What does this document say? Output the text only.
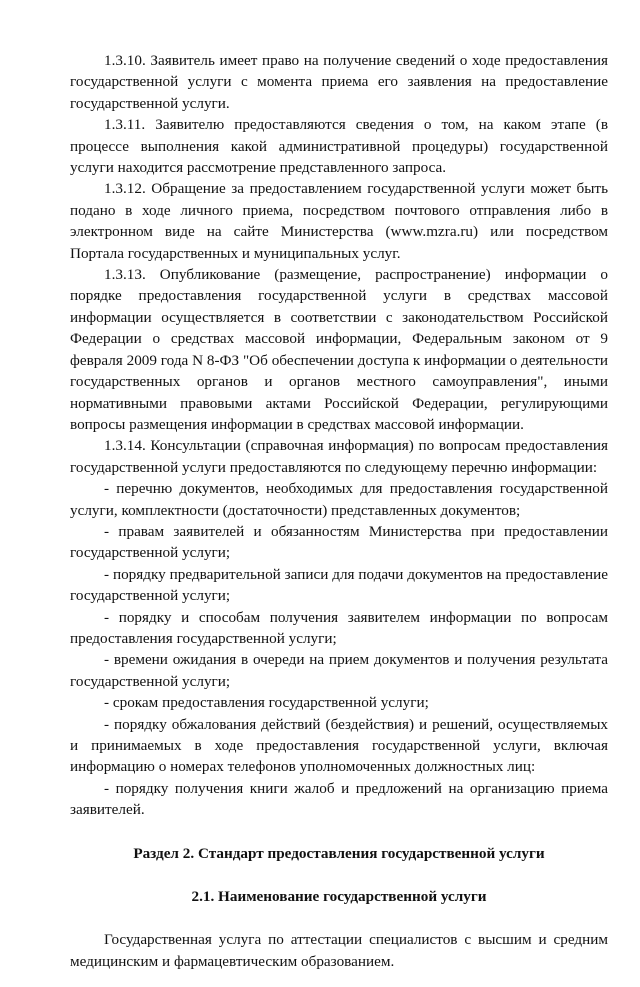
1.3.10. Заявитель имеет право на получение сведений о ходе предоставления государственной услуги с момента приема его заявления на предоставление государственной услуги.

1.3.11. Заявителю предоставляются сведения о том, на каком этапе (в процессе выполнения какой административной процедуры) государственной услуги находится рассмотрение представленного запроса.

1.3.12. Обращение за предоставлением государственной услуги может быть подано в ходе личного приема, посредством почтового отправления либо в электронном виде на сайте Министерства (www.mzra.ru) или посредством Портала государственных и муниципальных услуг.

1.3.13. Опубликование (размещение, распространение) информации о порядке предоставления государственной услуги в средствах массовой информации осуществляется в соответствии с законодательством Российской Федерации о средствах массовой информации, Федеральным законом от 9 февраля 2009 года N 8-ФЗ "Об обеспечении доступа к информации о деятельности государственных органов и органов местного самоуправления", иными нормативными правовыми актами Российской Федерации, регулирующими вопросы размещения информации в средствах массовой информации.

1.3.14. Консультации (справочная информация) по вопросам предоставления государственной услуги предоставляются по следующему перечню информации:

- перечню документов, необходимых для предоставления государственной услуги, комплектности (достаточности) представленных документов;

- правам заявителей и обязанностям Министерства при предоставлении государственной услуги;

- порядку предварительной записи для подачи документов на предоставление государственной услуги;

- порядку и способам получения заявителем информации по вопросам предоставления государственной услуги;

- времени ожидания в очереди на прием документов и получения результата государственной услуги;

- срокам предоставления государственной услуги;

- порядку обжалования действий (бездействия) и решений, осуществляемых и принимаемых в ходе предоставления государственной услуги, включая информацию о номерах телефонов уполномоченных должностных лиц:

- порядку получения книги жалоб и предложений на организацию приема заявителей.

Раздел 2. Стандарт предоставления государственной услуги

2.1. Наименование государственной услуги

Государственная услуга по аттестации специалистов с высшим и средним медицинским и фармацевтическим образованием.
